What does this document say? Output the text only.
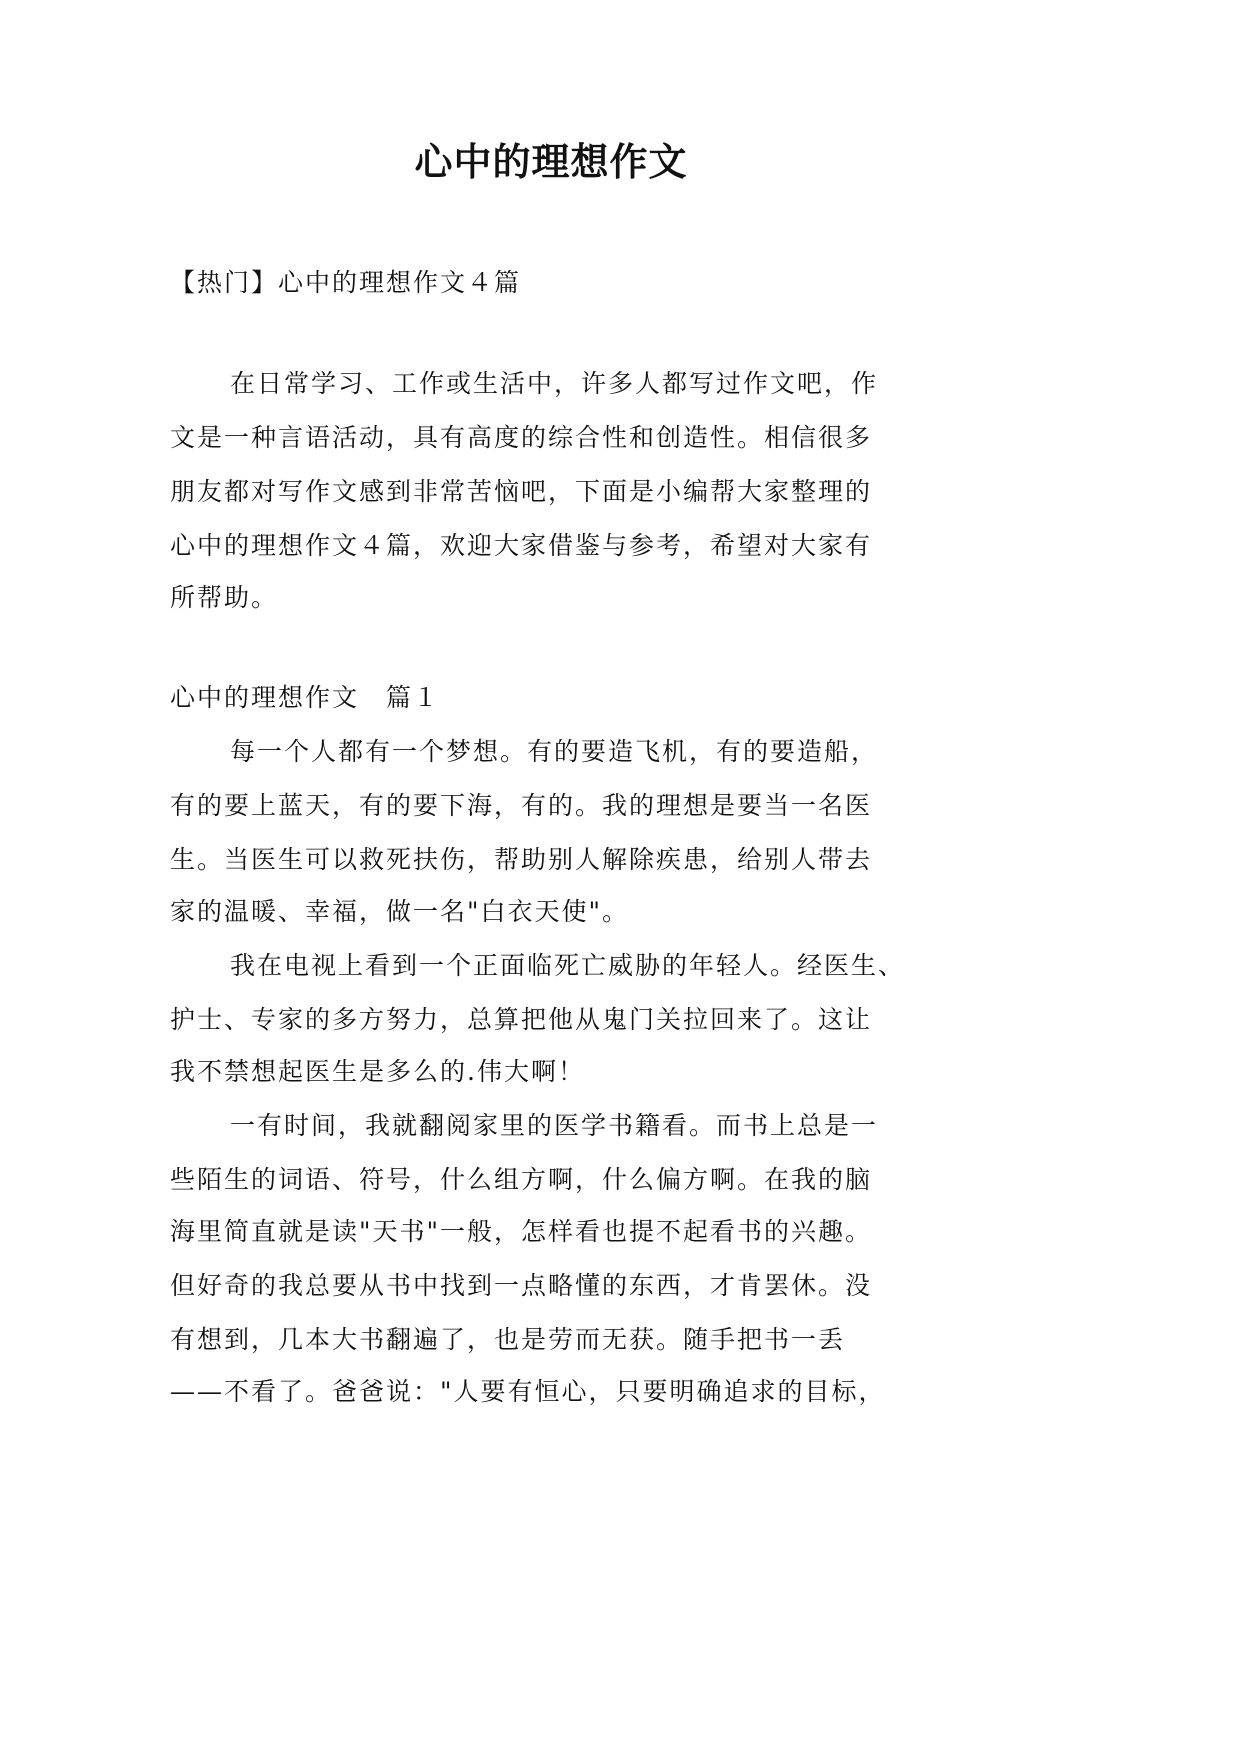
心中的理想作文

【热门】心中的理想作文４篇

在日常学习、工作或生活中，许多人都写过作文吧，作

文是一种言语活动，具有高度的综合性和创造性。相信很多

朋友都对写作文感到非常苦恼吧，下面是小编帮大家整理的

心中的理想作文４篇，欢迎大家借鉴与参考，希望对大家有

所帮助。

心中的理想作文　篇１

每一个人都有一个梦想。有的要造飞机，有的要造船，

有的要上蓝天，有的要下海，有的。我的理想是要当一名医

生。当医生可以救死扶伤，帮助别人解除疾患，给别人带去

家的温暖、幸福，做一名"白衣天使"。

我在电视上看到一个正面临死亡威胁的年轻人。经医生、

护士、专家的多方努力，总算把他从鬼门关拉回来了。这让

我不禁想起医生是多么的.伟大啊！

一有时间，我就翻阅家里的医学书籍看。而书上总是一

些陌生的词语、符号，什么组方啊，什么偏方啊。在我的脑

海里简直就是读"天书"一般，怎样看也提不起看书的兴趣。

但好奇的我总要从书中找到一点略懂的东西，才肯罢休。没

有想到，几本大书翻遍了，也是劳而无获。随手把书一丢

——不看了。爸爸说："人要有恒心，只要明确追求的目标，
